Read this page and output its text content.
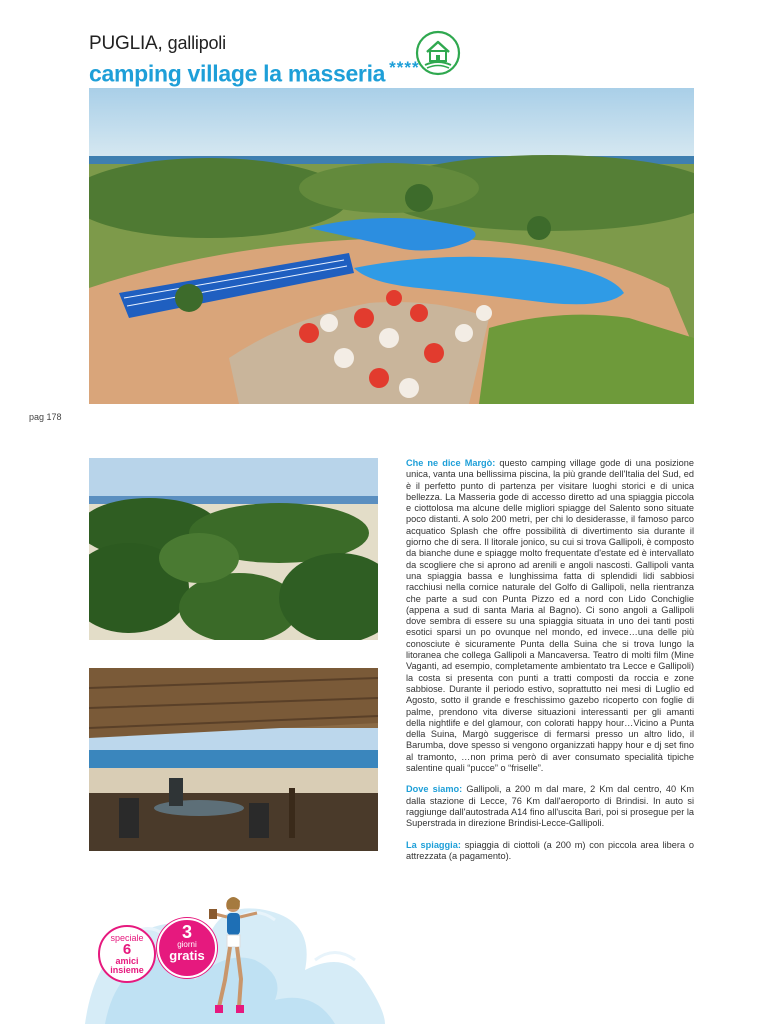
PUGLIA, gallipoli
camping village la masseria ****
pag 178

Che ne dice Margò: questo camping village gode di una posizione unica, vanta una bellissima piscina, la più grande dell'Italia del Sud, ed è il perfetto punto di partenza per visitare luoghi storici e di unica bellezza. La Masseria gode di accesso diretto ad una spiaggia piccola e ciottolosa ma alcune delle migliori spiagge del Salento sono situate poco distanti. A solo 200 metri, per chi lo desiderasse, il famoso parco acquatico Splash che offre possibilità di divertimento sia durante il giorno che di sera. Il litorale jonico, su cui si trova Gallipoli, è composto da bianche dune e spiagge molto frequentate d'estate ed è intervallato da scogliere che si aprono ad arenili e angoli nascosti. Gallipoli vanta una spiaggia bassa e lunghissima fatta di splendidi lidi sabbiosi racchiusi nella cornice naturale del Golfo di Gallipoli, nella rientranza che parte a sud con Punta Pizzo ed a nord con Lido Conchiglie (appena a sud di santa Maria al Bagno). Ci sono angoli a Gallipoli dove sembra di essere su una spiaggia situata in uno dei tanti posti esotici sparsi un po ovunque nel mondo, ed invece…una delle più conosciute è sicuramente Punta della Suina che si trova lungo la litoranea che collega Gallipoli a Mancaversa. Teatro di molti film (Mine Vaganti, ad esempio, completamente ambientato tra Lecce e Gallipoli) la costa si presenta con punti a tratti composti da roccia e zone sabbiose. Durante il periodo estivo, soprattutto nei mesi di Luglio ed Agosto, sotto il grande e freschissimo gazebo ricoperto con foglie di palme, prendono vita diverse situazioni interessanti per gli amanti della nightlife e del glamour, con colorati happy hour…Vicino a Punta della Suina, Margò suggerisce di fermarsi presso un altro lido, il Barumba, dove spesso si vengono organizzati happy hour e dj set fino al tramonto, …non prima però di aver consumato specialità tipiche salentine quali “pucce” o “friselle”.

Dove siamo: Gallipoli, a 200 m dal mare, 2 Km dal centro, 40 Km dalla stazione di Lecce, 76 Km dall'aeroporto di Brindisi. In auto si raggiunge dall'autostrada A14 fino all'uscita Bari, poi si prosegue per la Superstrada in direzione Brindisi-Lecce-Gallipoli.

La spiaggia: spiaggia di ciottoli (a 200 m) con piccola area libera o attrezzata (a pagamento).

speciale
6
amici
insieme
3
giorni
gratis
